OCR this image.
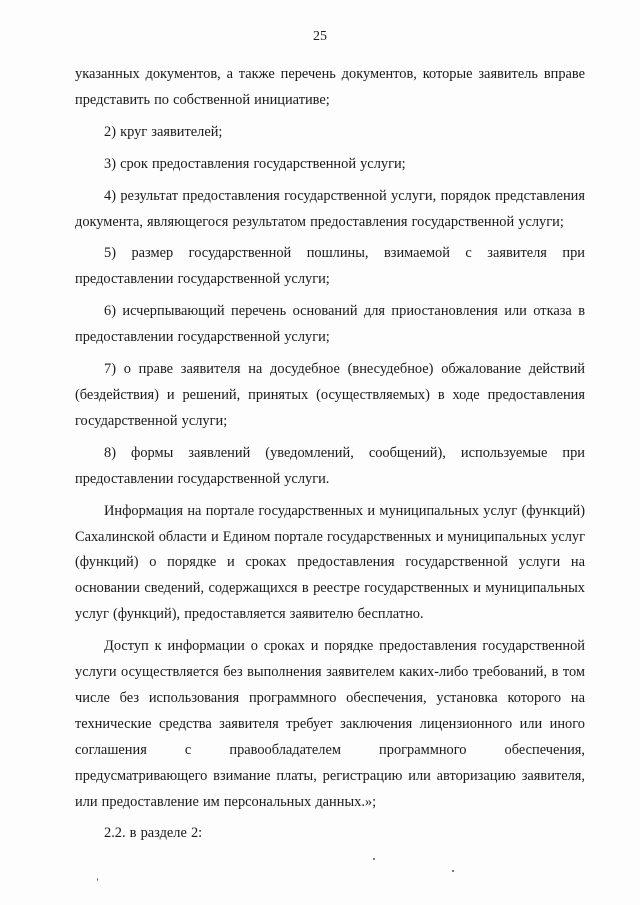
25

указанных документов, а также перечень документов, которые заявитель вправе представить по собственной инициативе;

2) круг заявителей;

3) срок предоставления государственной услуги;

4) результат предоставления государственной услуги, порядок представления документа, являющегося результатом предоставления государственной услуги;

5) размер государственной пошлины, взимаемой с заявителя при предоставлении государственной услуги;

6) исчерпывающий перечень оснований для приостановления или отказа в предоставлении государственной услуги;

7) о праве заявителя на досудебное (внесудебное) обжалование действий (бездействия) и решений, принятых (осуществляемых) в ходе предоставления государственной услуги;

8) формы заявлений (уведомлений, сообщений), используемые при предоставлении государственной услуги.

Информация на портале государственных и муниципальных услуг (функций) Сахалинской области и Едином портале государственных и муниципальных услуг (функций) о порядке и сроках предоставления государственной услуги на основании сведений, содержащихся в реестре государственных и муниципальных услуг (функций), предоставляется заявителю бесплатно.

Доступ к информации о сроках и порядке предоставления государственной услуги осуществляется без выполнения заявителем каких-либо требований, в том числе без использования программного обеспечения, установка которого на технические средства заявителя требует заключения лицензионного или иного соглашения с правообладателем программного обеспечения, предусматривающего взимание платы, регистрацию или авторизацию заявителя, или предоставление им персональных данных.»;

2.2. в разделе 2:
